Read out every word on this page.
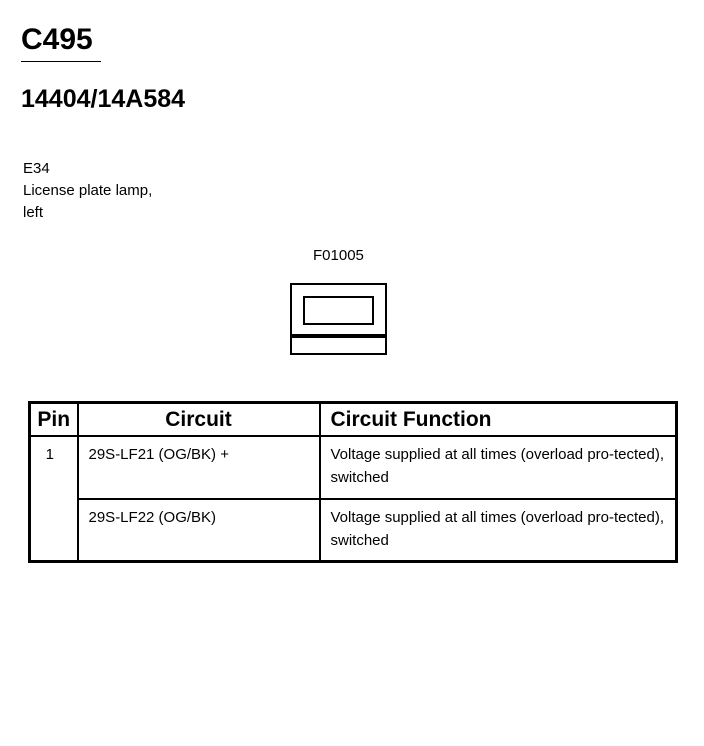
C495
14404/14A584
E34
License plate lamp,
left
F01005
Pin	Circuit	Circuit Function
1	29S-LF21 (OG/BK) +	Voltage supplied at all times (overload pro-tected), switched
	29S-LF22 (OG/BK)	Voltage supplied at all times (overload pro-tected), switched
